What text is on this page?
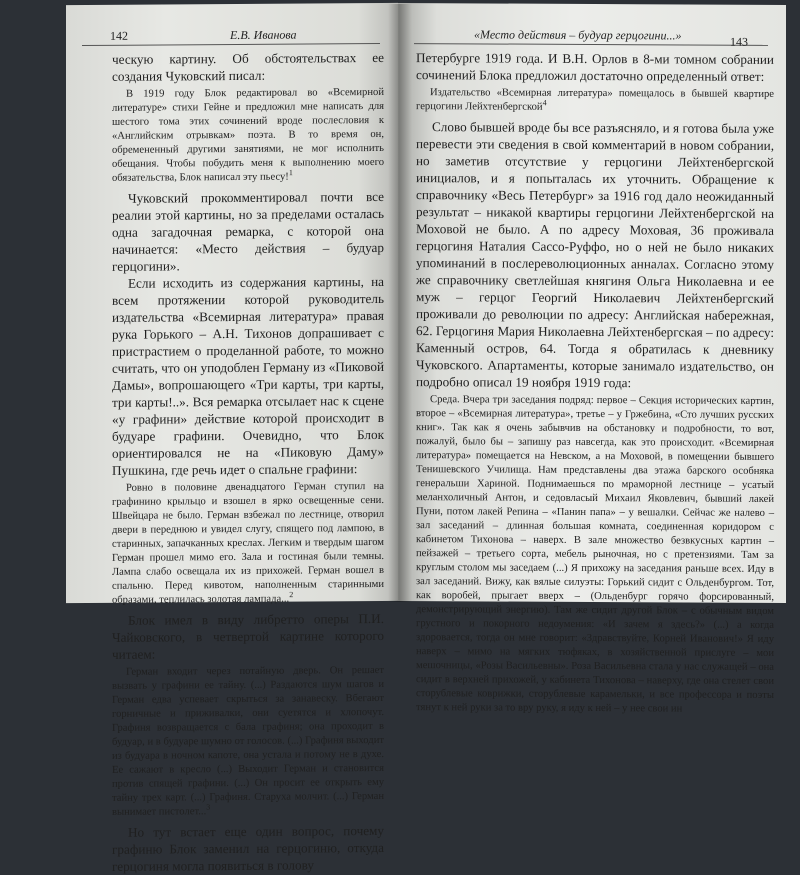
142	Е.В. Иванова

ческую картину. Об обстоятельствах ее создания Чуковский писал:

В 1919 году Блок редактировал во «Всемирной литературе» стихи Гейне и предложил мне написать для шестого тома этих сочинений вроде послесловия к «Английским отрывкам» поэта. В то время он, обремененный другими занятиями, не мог исполнить обещания. Чтобы побудить меня к выполнению моего обязательства, Блок написал эту пьесу!$^1$

Чуковский прокомментировал почти все реалии этой картины, но за пределами осталась одна загадочная ремарка, с которой она начинается: «Место действия – будуар герцогини».

Если исходить из содержания картины, на всем протяжении которой руководитель издательства «Всемирная литература» правая рука Горького – А.Н. Тихонов допрашивает с пристрастием о проделанной работе, то можно считать, что он уподоблен Герману из «Пиковой Дамы», вопрошающего «Три карты, три карты, три карты!..». Вся ремарка отсылает нас к сцене «у графини» действие которой происходит в будуаре графини. Очевидно, что Блок ориентировался не на «Пиковую Даму» Пушкина, где речь идет о спальне графини:

Ровно в половине двенадцатого Герман ступил на графинино крыльцо и взошел в ярко освещенные сени. Швейцара не было. Герман взбежал по лестнице, отворил двери в переднюю и увидел слугу, спящего под лампою, в старинных, запачканных креслах. Легким и твердым шагом Герман прошел мимо его. Зала и гостиная были темны. Лампа слабо освещала их из прихожей. Герман вошел в спальню. Перед кивотом, наполненным старинными образами, теплилась золотая лампада...$^2$

Блок имел в виду либретто оперы П.И. Чайковского, в четвертой картине которого читаем:

Герман входит через потайную дверь. Он решает вызвать у графини ее тайну. (...) Раздаются шум шагов и Герман едва успевает скрыться за занавеску. Вбегают горничные и приживалки, они суетятся и хлопочут. Графиня возвращается с бала графиня; она проходит в будуар, и в будуаре шумно от голосов. (...) Графиня выходит из будуара в ночном капоте, она устала и потому не в духе. Ее сажают в кресло (...) Выходит Герман и становится против спящей графини. (...) Он просит ее открыть ему тайну трех карт. (...) Графиня. Старуха молчит. (...) Герман вынимает пистолет...$^3$

Но тут встает еще один вопрос, почему графиню Блок заменил на герцогиню, откуда герцогиня могла появиться в голову

«Место действия – будуар герцогини...»	143

Петербурге 1919 года. И В.Н. Орлов в 8-ми томном собрании сочинений Блока предложил достаточно определенный ответ:

Издательство «Всемирная литература» помещалось в бывшей квартире герцогини Лейхтенбергской$^4$

Слово бывшей вроде бы все разъясняло, и я готова была уже перевести эти сведения в свой комментарий в новом собрании, но заметив отсутствие у герцогини Лейхтенбергской инициалов, и я попыталась их уточнить. Обращение к справочнику «Весь Петербург» за 1916 год дало неожиданный результат – никакой квартиры герцогини Лейхтенбергской на Моховой не было. А по адресу Моховая, 36 проживала герцогиня Наталия Сассо-Руффо, но о ней не было никаких упоминаний в послереволюционных анналах. Согласно этому же справочнику светлейшая княгиня Ольга Николаевна и ее муж – герцог Георгий Николаевич Лейхтенбергский проживали до революции по адресу: Английская набережная, 62. Герцогиня Мария Николаевна Лейхтенбергская – по адресу: Каменный остров, 64. Тогда я обратилась к дневнику Чуковского. Апартаменты, которые занимало издательство, он подробно описал 19 ноября 1919 года:

Среда. Вчера три заседания подряд: первое – Секция исторических картин, второе – «Всемирная литература», третье – у Гржебина, «Сто лучших русских книг». Так как я очень забывчив на обстановку и подробности, то вот, пожалуй, было бы – запишу раз навсегда, как это происходит. «Всемирная литература» помещается на Невском, а на Моховой, в помещении бывшего Тенишевского Училища. Нам представлены два этажа барского особняка генеральши Хариной. Поднимаешься по мраморной лестнице – усатый меланхоличный Антон, и седовласый Михаил Яковлевич, бывший лакей Пуни, потом лакей Репина – «Панин папа» – у вешалки. Сейчас же налево – зал заседаний – длинная большая комната, соединенная коридором с кабинетом Тихонова – наверх. В зале множество безвкусных картин – пейзажей – третьего сорта, мебель рыночная, но с претензиями. Там за круглым столом мы заседаем (...) Я прихожу на заседания раньше всех. Иду в зал заседаний. Вижу, как вялые силуэты: Горький сидит с Ольденбургом. Тот, как воробей, прыгает вверх – (Ольденбург горячо форсированный, демонстрирующий энергию). Там же сидит другой Блок – с обычным видом грустного и покорного недоумения: «И зачем я здесь?» (...) а когда здоровается, тогда он мне говорит: «Здравствуйте, Корней Иванович!» Я иду наверх – мимо на мягких тюфяках, в хозяйственной прислуге – мои мешочницы, «Розы Васильевны». Роза Васильевна стала у нас служащей – она сидит в верхней прихожей, у кабинета Тихонова – наверху, где она стелет свои сторублевые коврижки, сторублевые карамельки, и все профессора и поэты тянут к ней руки за то вру руку, я иду к ней – у нее свои ин
